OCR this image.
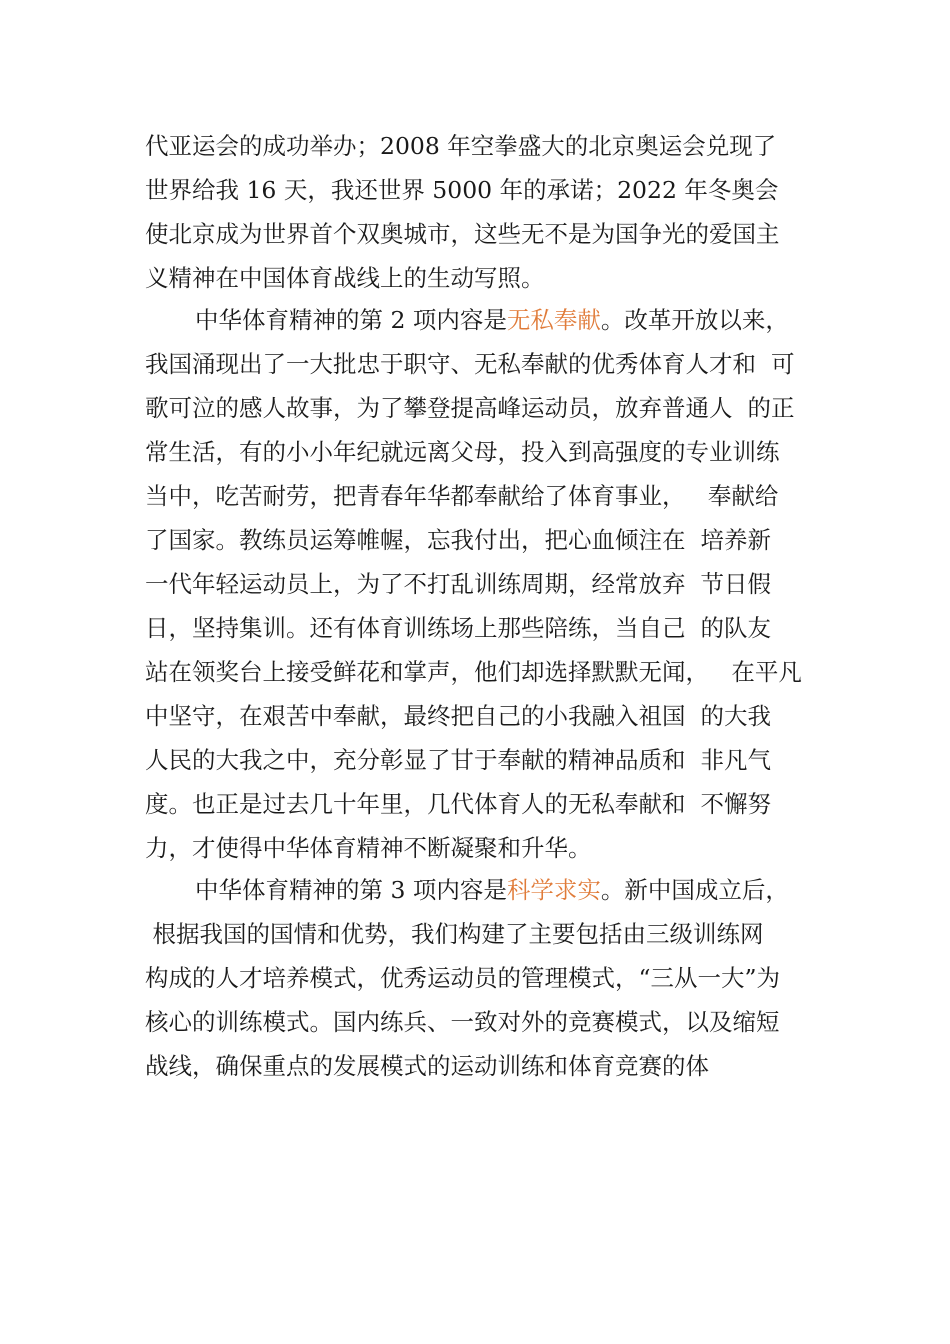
代亚运会的成功举办；2008 年空拳盛大的北京奥运会兑现了
世界给我 16 天，我还世界 5000 年的承诺；2022 年冬奥会
使北京成为世界首个双奥城市，这些无不是为国争光的爱国主
义精神在中国体育战线上的生动写照。
中华体育精神的第 2 项内容是无私奉献。改革开放以来，
我国涌现出了一大批忠于职守、无私奉献的优秀体育人才和  可
歌可泣的感人故事，为了攀登提高峰运动员，放弃普通人  的正
常生活，有的小小年纪就远离父母，投入到高强度的专业训练
当中，吃苦耐劳，把青春年华都奉献给了体育事业，   奉献给
了国家。教练员运筹帷幄，忘我付出，把心血倾注在  培养新
一代年轻运动员上，为了不打乱训练周期，经常放弃  节日假
日，坚持集训。还有体育训练场上那些陪练，当自己  的队友
站在领奖台上接受鲜花和掌声，他们却选择默默无闻，   在平凡
中坚守，在艰苦中奉献，最终把自己的小我融入祖国  的大我
人民的大我之中，充分彰显了甘于奉献的精神品质和  非凡气
度。也正是过去几十年里，几代体育人的无私奉献和  不懈努
力，才使得中华体育精神不断凝聚和升华。
中华体育精神的第 3 项内容是科学求实。新中国成立后，
根据我国的国情和优势，我们构建了主要包括由三级训练网
构成的人才培养模式，优秀运动员的管理模式，“三从一大”为
核心的训练模式。国内练兵、一致对外的竞赛模式，以及缩短
战线，确保重点的发展模式的运动训练和体育竞赛的体
